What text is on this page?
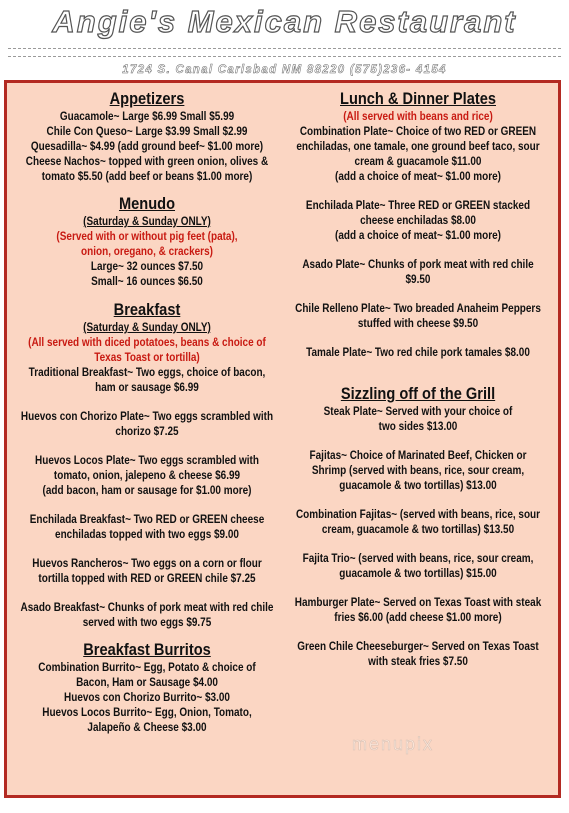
Angie's Mexican Restaurant
1724 S. Canal Carlsbad NM 88220 (575)236- 4154
Appetizers
Guacamole~ Large $6.99 Small $5.99
Chile Con Queso~ Large $3.99 Small $2.99
Quesadilla~ $4.99 (add ground beef~ $1.00 more)
Cheese Nachos~ topped with green onion, olives &
tomato $5.50 (add beef or beans $1.00 more)
Menudo
(Saturday & Sunday ONLY)
(Served with or without pig feet (pata),
onion, oregano, & crackers)
Large~ 32 ounces $7.50
Small~ 16 ounces $6.50
Breakfast
(Saturday & Sunday ONLY)
(All served with diced potatoes, beans & choice of
Texas Toast or tortilla)
Traditional Breakfast~ Two eggs, choice of bacon,
ham or sausage $6.99
Huevos con Chorizo Plate~ Two eggs scrambled with
chorizo $7.25
Huevos Locos Plate~ Two eggs scrambled with
tomato, onion, jalepeno & cheese $6.99
(add bacon, ham or sausage for $1.00 more)
Enchilada Breakfast~ Two RED or GREEN cheese
enchiladas topped with two eggs $9.00
Huevos Rancheros~ Two eggs on a corn or flour
tortilla topped with RED or GREEN chile $7.25
Asado Breakfast~ Chunks of pork meat with red chile
served with two eggs $9.75
Breakfast Burritos
Combination Burrito~ Egg, Potato & choice of
Bacon, Ham or Sausage $4.00
Huevos con Chorizo Burrito~ $3.00
Huevos Locos Burrito~ Egg, Onion, Tomato,
Jalapeño & Cheese $3.00
Lunch & Dinner Plates
(All served with beans and rice)
Combination Plate~ Choice of two RED or GREEN
enchiladas, one tamale, one ground beef taco, sour
cream & guacamole $11.00
(add a choice of meat~ $1.00 more)
Enchilada Plate~ Three RED or GREEN stacked
cheese enchiladas $8.00
(add a choice of meat~ $1.00 more)
Asado Plate~ Chunks of pork meat with red chile
$9.50
Chile Relleno Plate~ Two breaded Anaheim Peppers
stuffed with cheese $9.50
Tamale Plate~ Two red chile pork tamales $8.00
Sizzling off of the Grill
Steak Plate~ Served with your choice of
two sides $13.00
Fajitas~ Choice of Marinated Beef, Chicken or
Shrimp (served with beans, rice, sour cream,
guacamole & two tortillas) $13.00
Combination Fajitas~ (served with beans, rice, sour
cream, guacamole & two tortillas) $13.50
Fajita Trio~ (served with beans, rice, sour cream,
guacamole & two tortillas) $15.00
Hamburger Plate~ Served on Texas Toast with steak
fries $6.00 (add cheese $1.00 more)
Green Chile Cheeseburger~ Served on Texas Toast
with steak fries $7.50
menupix
